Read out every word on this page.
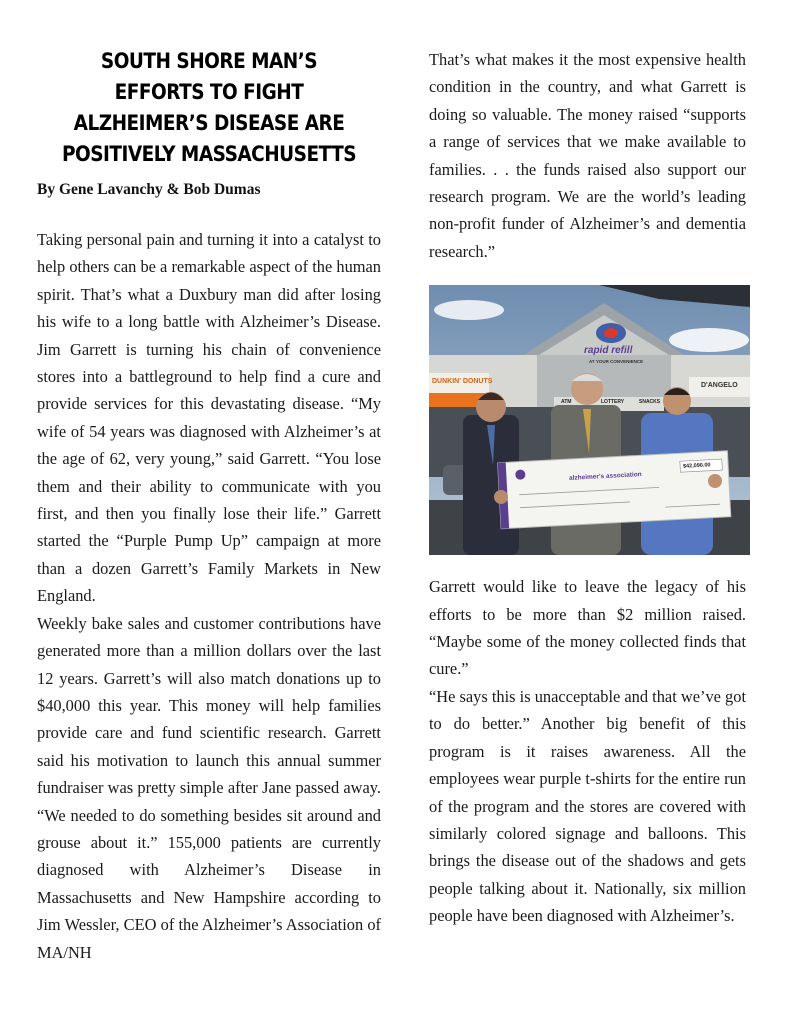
SOUTH SHORE MAN’S EFFORTS TO FIGHT ALZHEIMER’S DISEASE ARE POSITIVELY MASSACHUSETTS

By Gene Lavanchy & Bob Dumas

Taking personal pain and turning it into a catalyst to help others can be a remarkable aspect of the human spirit. That’s what a Duxbury man did after losing his wife to a long battle with Alzheimer’s Disease. Jim Garrett is turning his chain of convenience stores into a battleground to help find a cure and provide services for this devastating disease. “My wife of 54 years was diagnosed with Alzheimer’s at the age of 62, very young,” said Garrett. “You lose them and their ability to communicate with you first, and then you finally lose their life.” Garrett started the “Purple Pump Up” campaign at more than a dozen Garrett’s Family Markets in New England.

Weekly bake sales and customer contributions have generated more than a million dollars over the last 12 years. Garrett’s will also match donations up to $40,000 this year. This money will help families provide care and fund scientific research. Garrett said his motivation to launch this annual summer fundraiser was pretty simple after Jane passed away. “We needed to do something besides sit around and grouse about it.” 155,000 patients are currently diagnosed with Alzheimer’s Disease in Massachusetts and New Hampshire according to Jim Wessler, CEO of the Alzheimer’s Association of MA/NH

That’s what makes it the most expensive health condition in the country, and what Garrett is doing so valuable. The money raised “supports a range of services that we make available to families. . . the funds raised also support our research program. We are the world’s leading non-profit funder of Alzheimer’s and dementia research.”

rapid refill
AT YOUR CONVENIENCE
DUNKIN' DONUTS
D'ANGELO
ATM	LOTTERY	SNACKS
alzheimer's association
$42,090.00

Garrett would like to leave the legacy of his efforts to be more than $2 million raised. “Maybe some of the money collected finds that cure.”

“He says this is unacceptable and that we’ve got to do better.” Another big benefit of this program is it raises awareness. All the employees wear purple t-shirts for the entire run of the program and the stores are covered with similarly colored signage and balloons. This brings the disease out of the shadows and gets people talking about it. Nationally, six million people have been diagnosed with Alzheimer’s.
